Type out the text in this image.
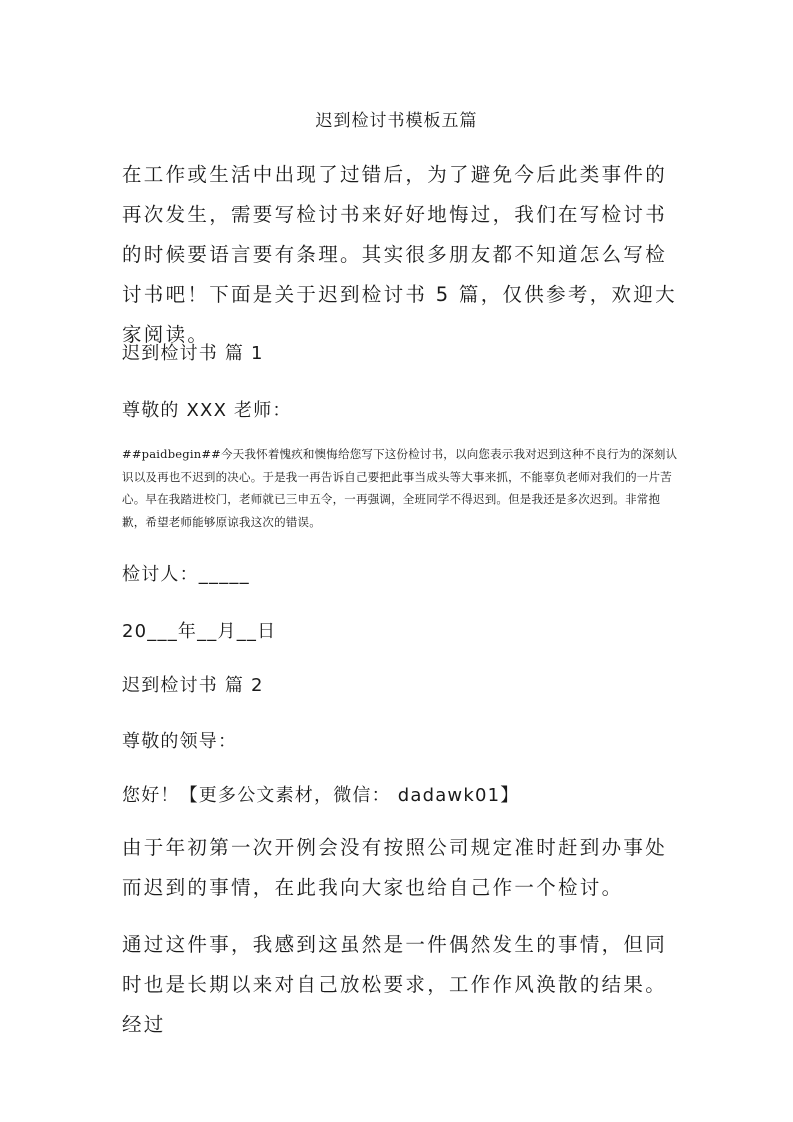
迟到检讨书模板五篇

在工作或生活中出现了过错后，为了避免今后此类事件的再次发生，需要写检讨书来好好地悔过，我们在写检讨书的时候要语言要有条理。其实很多朋友都不知道怎么写检讨书吧！下面是关于迟到检讨书 5 篇，仅供参考，欢迎大家阅读。

迟到检讨书 篇 1

尊敬的 XXX 老师：

##paidbegin##今天我怀着愧疚和懊悔给您写下这份检讨书，以向您表示我对迟到这种不良行为的深刻认识以及再也不迟到的决心。于是我一再告诉自己要把此事当成头等大事来抓，不能辜负老师对我们的一片苦心。早在我踏进校门，老师就已三申五令，一再强调，全班同学不得迟到。但是我还是多次迟到。非常抱歉，希望老师能够原谅我这次的错误。

检讨人：_____

20___年__月__日

迟到检讨书 篇 2

尊敬的领导：

您好！【更多公文素材，微信： dadawk01】

由于年初第一次开例会没有按照公司规定准时赶到办事处而迟到的事情，在此我向大家也给自己作一个检讨。

通过这件事，我感到这虽然是一件偶然发生的事情，但同时也是长期以来对自己放松要求，工作作风涣散的结果。经过
